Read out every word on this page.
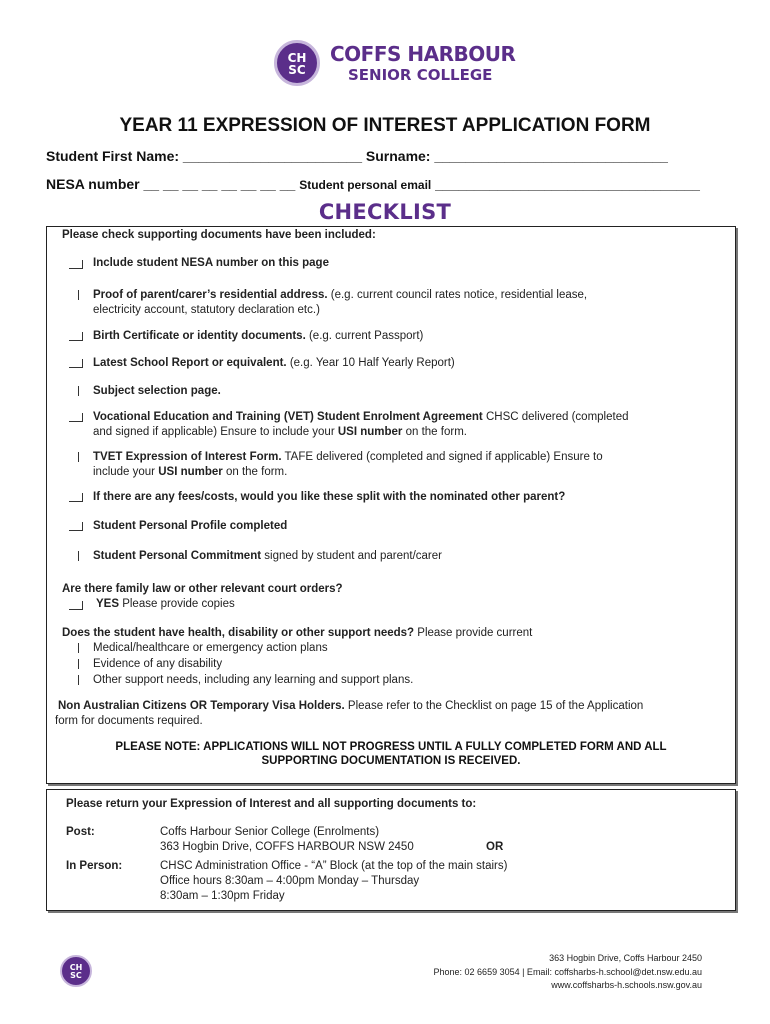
CH
SC
COFFS HARBOUR
SENIOR COLLEGE
YEAR 11 EXPRESSION OF INTEREST APPLICATION FORM
Student First Name: _______________________ Surname: ______________________________
NESA number __ __ __ __ __ __ __ __ Student personal email __________________________________
CHECKLIST
Please check supporting documents have been included:
Include student NESA number on this page
Proof of parent/carer’s residential address. (e.g. current council rates notice, residential lease,
electricity account, statutory declaration etc.)
Birth Certificate or identity documents. (e.g. current Passport)
Latest School Report or equivalent. (e.g. Year 10 Half Yearly Report)
Subject selection page.
Vocational Education and Training (VET) Student Enrolment Agreement CHSC delivered (completed
and signed if applicable) Ensure to include your USI number on the form.
TVET Expression of Interest Form. TAFE delivered (completed and signed if applicable) Ensure to
include your USI number on the form.
If there are any fees/costs, would you like these split with the nominated other parent?
Student Personal Profile completed
Student Personal Commitment signed by student and parent/carer
Are there family law or other relevant court orders?
YES Please provide copies
Does the student have health, disability or other support needs? Please provide current
Medical/healthcare or emergency action plans
Evidence of any disability
Other support needs, including any learning and support plans.
Non Australian Citizens OR Temporary Visa Holders. Please refer to the Checklist on page 15 of the Application
form for documents required.
PLEASE NOTE: APPLICATIONS WILL NOT PROGRESS UNTIL A FULLY COMPLETED FORM AND ALL
SUPPORTING DOCUMENTATION IS RECEIVED.
Please return your Expression of Interest and all supporting documents to:
Post:	Coffs Harbour Senior College (Enrolments)
363 Hogbin Drive, COFFS HARBOUR NSW 2450	OR
In Person:	CHSC Administration Office - “A” Block (at the top of the main stairs)
Office hours 8:30am – 4:00pm Monday – Thursday
8:30am – 1:30pm Friday
CH
SC
363 Hogbin Drive, Coffs Harbour 2450
Phone: 02 6659 3054 | Email: coffsharbs-h.school@det.nsw.edu.au
www.coffsharbs-h.schools.nsw.gov.au
